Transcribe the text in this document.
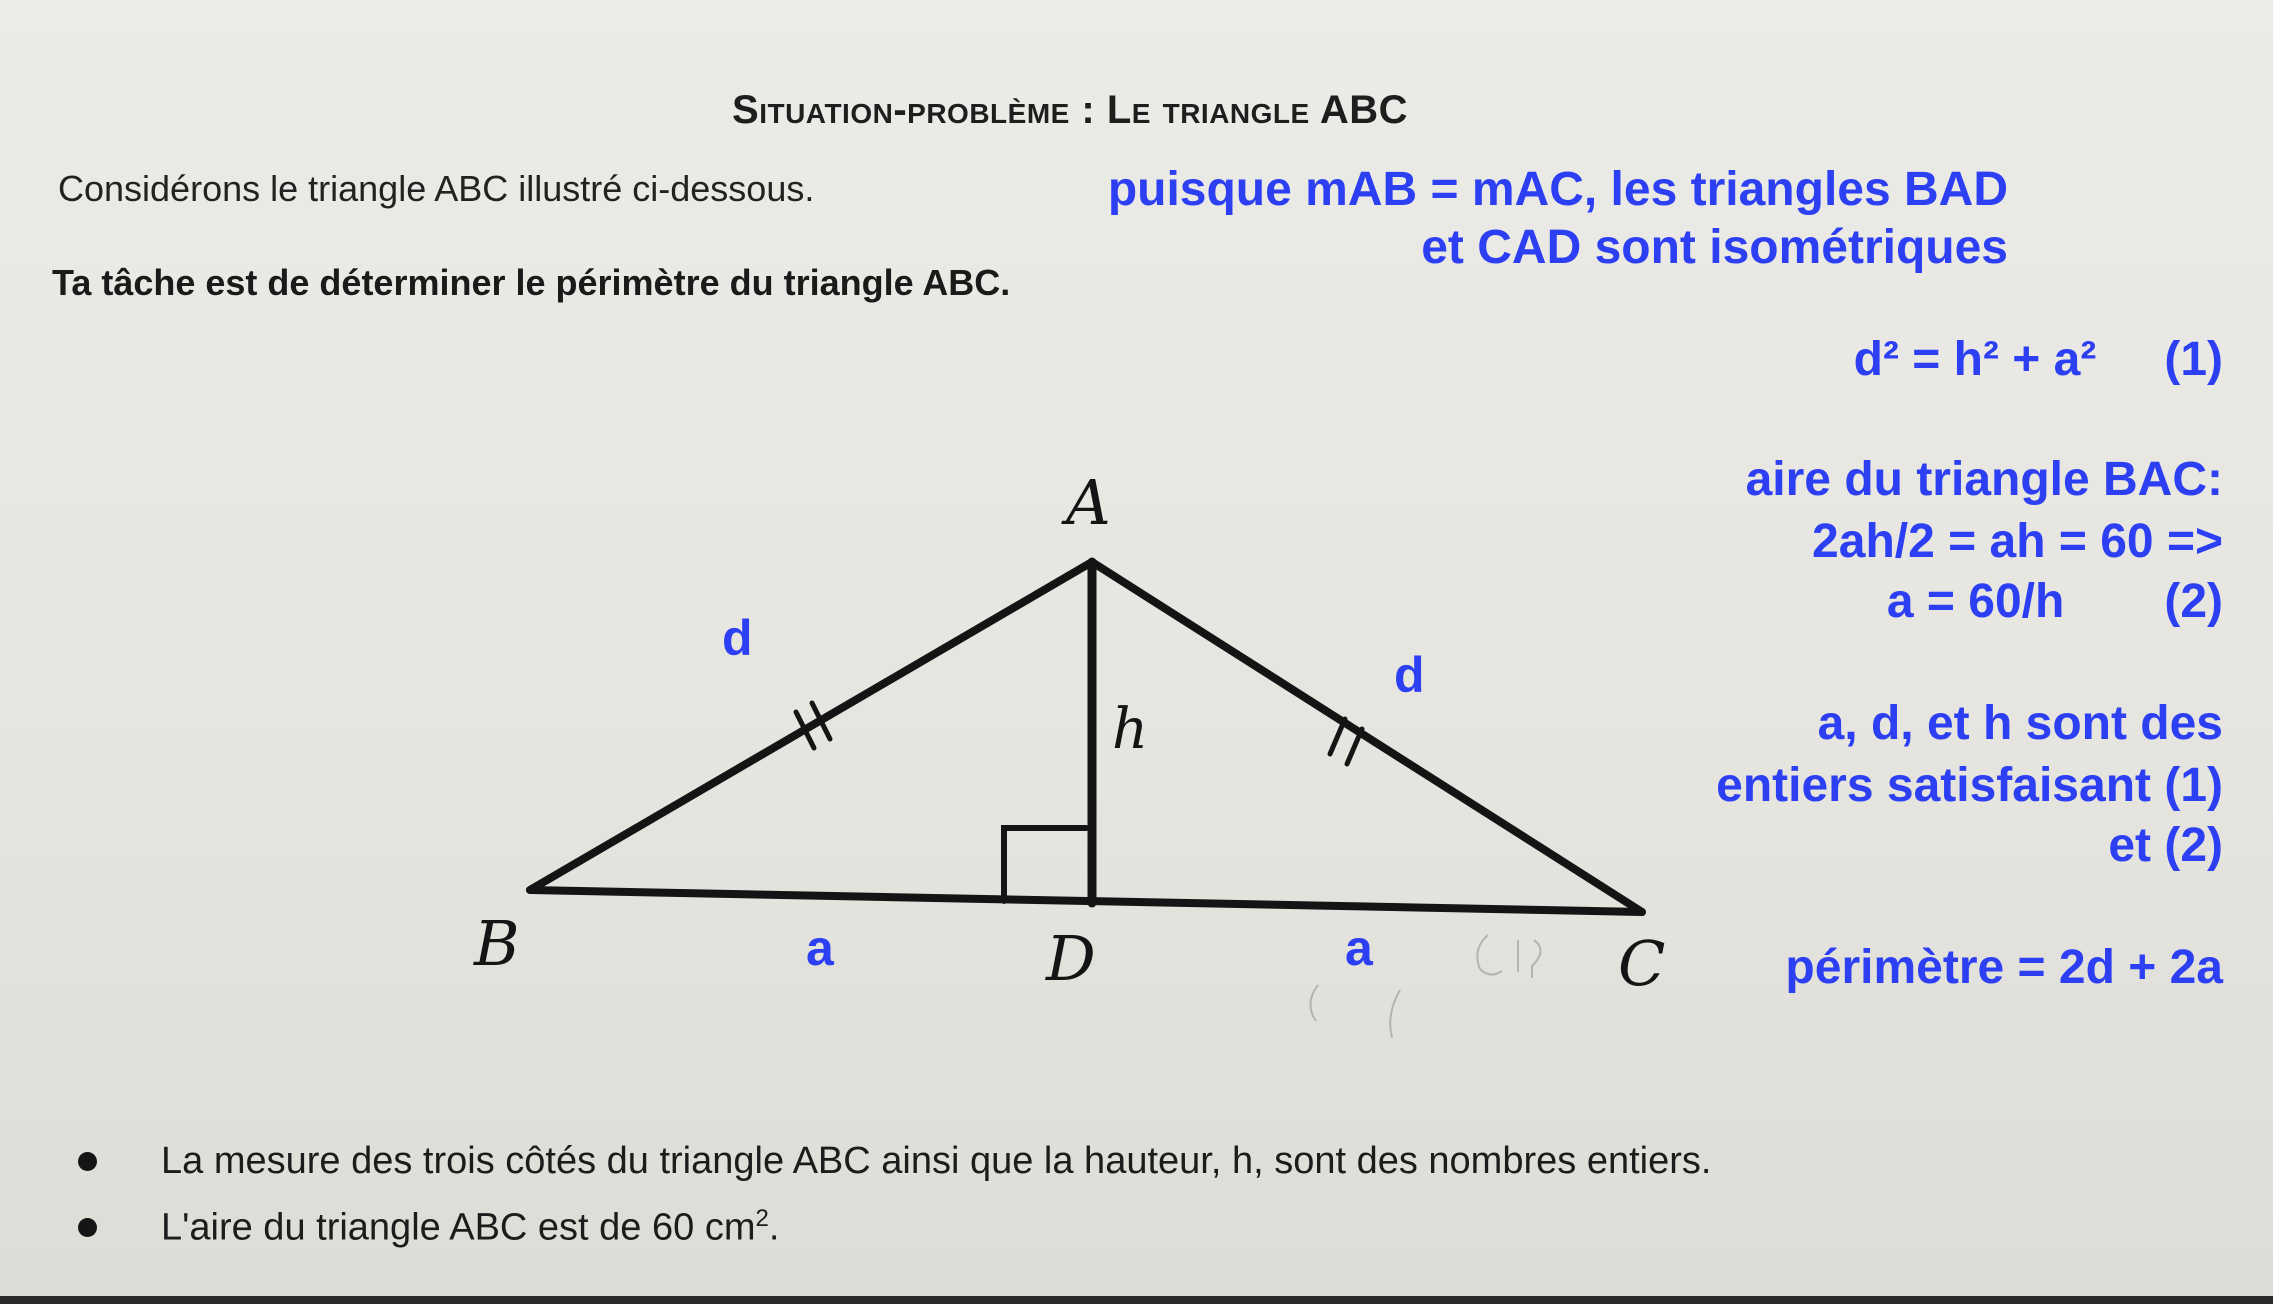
Situation-problème : Le triangle ABC
Considérons le triangle ABC illustré ci-dessous.
Ta tâche est de déterminer le périmètre du triangle ABC.
puisque mAB = mAC, les triangles BAD
et CAD sont isométriques
d² = h² + a² (1)
aire du triangle BAC:
2ah/2 = ah = 60 =>
a = 60/h (2)
a, d, et h sont des
entiers satisfaisant (1)
et (2)
périmètre = 2d + 2a
A
B	C
D
h
d
d
a	a
La mesure des trois côtés du triangle ABC ainsi que la hauteur, h, sont des nombres entiers.
L'aire du triangle ABC est de 60 $cm^2$.
